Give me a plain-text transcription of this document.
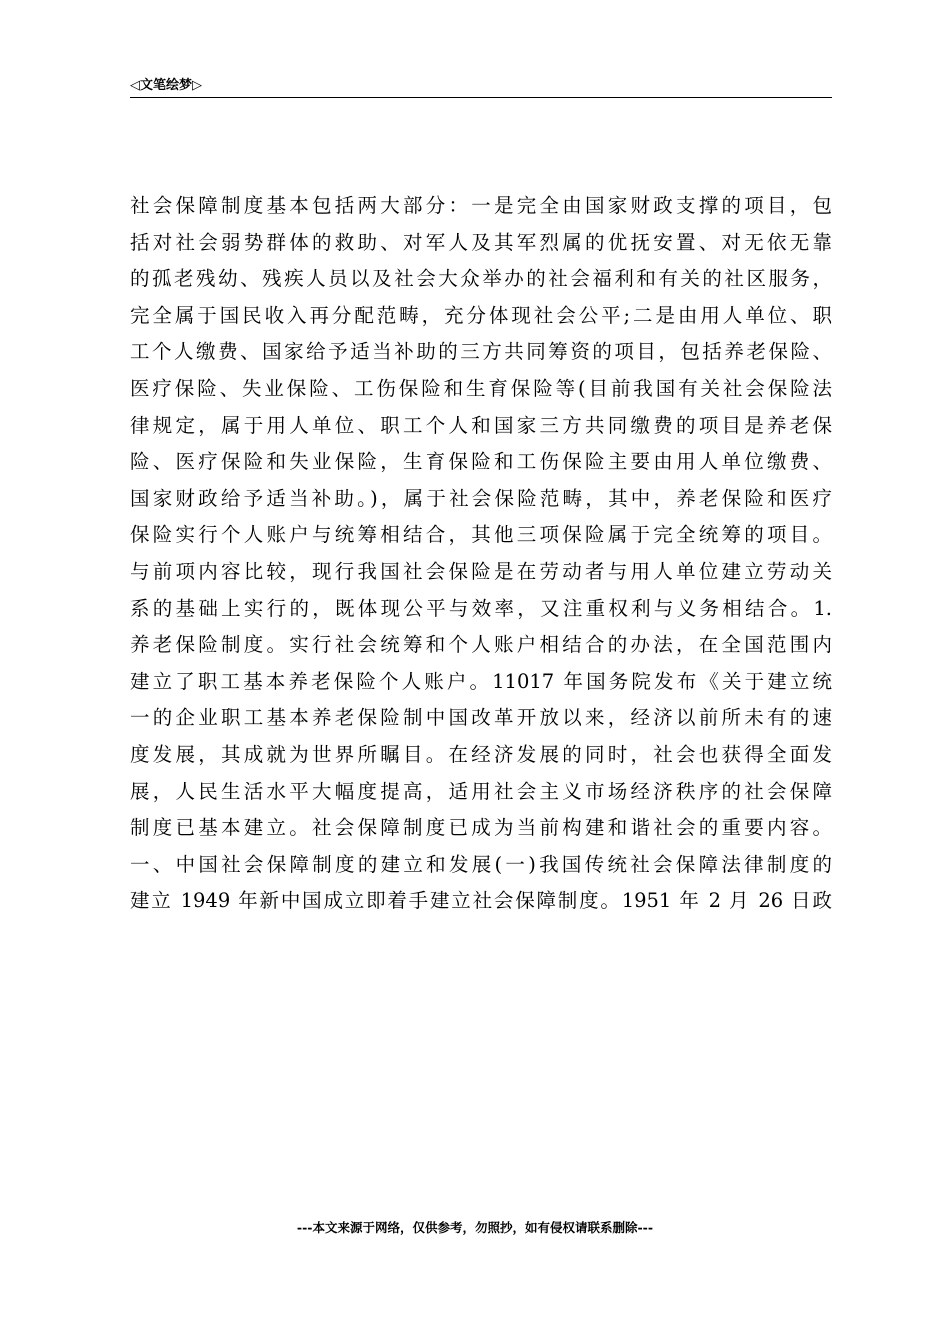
◁文笔绘梦▷
社会保障制度基本包括两大部分：一是完全由国家财政支撑的项目，包
括对社会弱势群体的救助、对军人及其军烈属的优抚安置、对无依无靠
的孤老残幼、残疾人员以及社会大众举办的社会福利和有关的社区服务，
完全属于国民收入再分配范畴，充分体现社会公平;二是由用人单位、职
工个人缴费、国家给予适当补助的三方共同筹资的项目，包括养老保险、
医疗保险、失业保险、工伤保险和生育保险等(目前我国有关社会保险法
律规定，属于用人单位、职工个人和国家三方共同缴费的项目是养老保
险、医疗保险和失业保险，生育保险和工伤保险主要由用人单位缴费、
国家财政给予适当补助。)，属于社会保险范畴，其中，养老保险和医疗
保险实行个人账户与统筹相结合，其他三项保险属于完全统筹的项目。
与前项内容比较，现行我国社会保险是在劳动者与用人单位建立劳动关
系的基础上实行的，既体现公平与效率，又注重权利与义务相结合。1.
养老保险制度。实行社会统筹和个人账户相结合的办法，在全国范围内
建立了职工基本养老保险个人账户。11017 年国务院发布《关于建立统
一的企业职工基本养老保险制中国改革开放以来，经济以前所未有的速
度发展，其成就为世界所瞩目。在经济发展的同时，社会也获得全面发
展，人民生活水平大幅度提高，适用社会主义市场经济秩序的社会保障
制度已基本建立。社会保障制度已成为当前构建和谐社会的重要内容。
一、中国社会保障制度的建立和发展(一)我国传统社会保障法律制度的
建立 1949 年新中国成立即着手建立社会保障制度。1951 年 2 月 26 日政
---本文来源于网络，仅供参考，勿照抄，如有侵权请联系删除---
